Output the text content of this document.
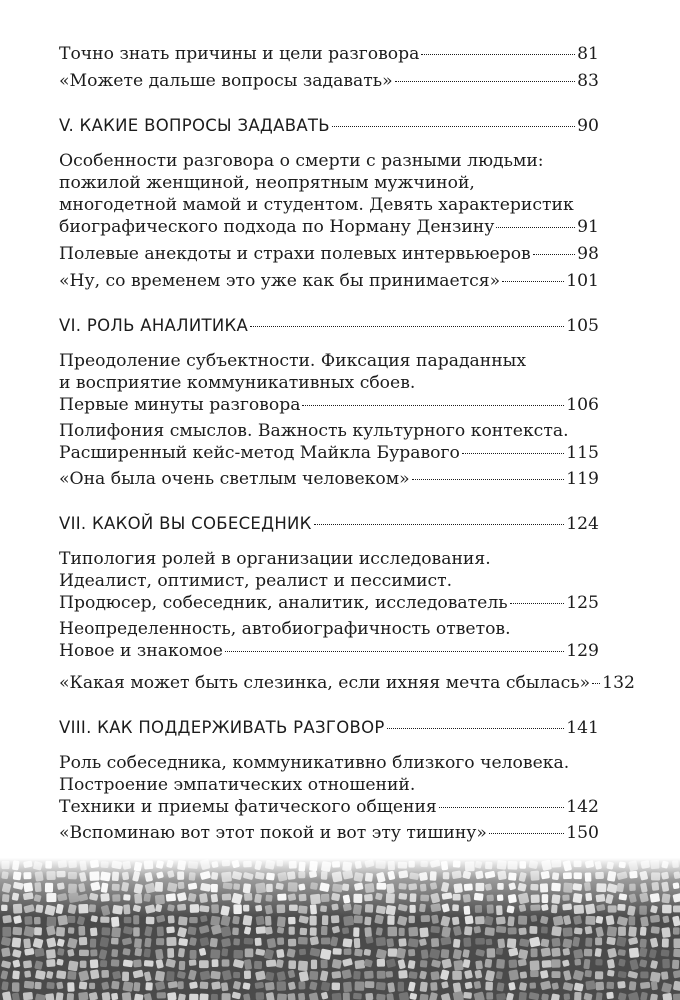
Точно знать причины и цели разговора	81
«Можете дальше вопросы задавать»	83
V. КАКИЕ ВОПРОСЫ ЗАДАВАТЬ	90
Особенности разговора о смерти с разными людьми:
пожилой женщиной, неопрятным мужчиной,
многодетной мамой и студентом. Девять характеристик
биографического подхода по Норману Дензину	91
Полевые анекдоты и страхи полевых интервьюеров	98
«Ну, со временем это уже как бы принимается»	101
VI. РОЛЬ АНАЛИТИКА	105
Преодоление субъектности. Фиксация параданных
и восприятие коммуникативных сбоев.
Первые минуты разговора	106
Полифония смыслов. Важность культурного контекста.
Расширенный кейс-метод Майкла Буравого	115
«Она была очень светлым человеком»	119
VII. КАКОЙ ВЫ СОБЕСЕДНИК	124
Типология ролей в организации исследования.
Идеалист, оптимист, реалист и пессимист.
Продюсер, собеседник, аналитик, исследователь	125
Неопределенность, автобиографичность ответов.
Новое и знакомое	129
«Какая может быть слезинка, если ихняя мечта сбылась» 132
VIII. КАК ПОДДЕРЖИВАТЬ РАЗГОВОР	141
Роль собеседника, коммуникативно близкого человека.
Построение эмпатических отношений.
Техники и приемы фатического общения	142
«Вспоминаю вот этот покой и вот эту тишину»	150
